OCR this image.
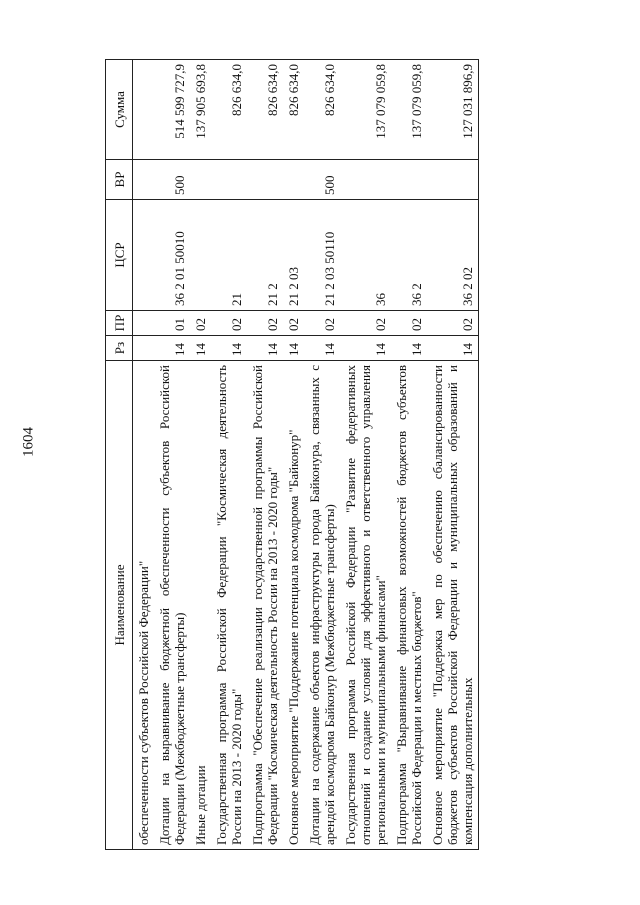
1604
Наименование	Рз	ПР	ЦСР	ВР	Сумма
обеспеченности субъектов Российской Федерации"					
Дотации на выравнивание бюджетной обеспеченности субъектов Российской Федерации (Межбюджетные трансферты)	14	01	36 2 01 50010	500	514 599 727,9
Иные дотации	14	02			137 905 693,8
Государственная программа Российской Федерации "Космическая деятельность России на 2013 - 2020 годы"	14	02	21		826 634,0
Подпрограмма "Обеспечение реализации государственной программы Российской Федерации "Космическая деятельность России на 2013 - 2020 годы"	14	02	21 2		826 634,0
Основное мероприятие "Поддержание потенциала космодрома "Байконур"	14	02	21 2 03		826 634,0
Дотации на содержание объектов инфраструктуры города Байконура, связанных с арендой космодрома Байконур (Межбюджетные трансферты)	14	02	21 2 03 50110	500	826 634,0
Государственная программа Российской Федерации "Развитие федеративных отношений и создание условий для эффективного и ответственного управления региональными и муниципальными финансами"	14	02	36		137 079 059,8
Подпрограмма "Выравнивание финансовых возможностей бюджетов субъектов Российской Федерации и местных бюджетов"	14	02	36 2		137 079 059,8
Основное мероприятие "Поддержка мер по обеспечению сбалансированности бюджетов субъектов Российской Федерации и муниципальных образований и компенсация дополнительных	14	02	36 2 02		127 031 896,9
